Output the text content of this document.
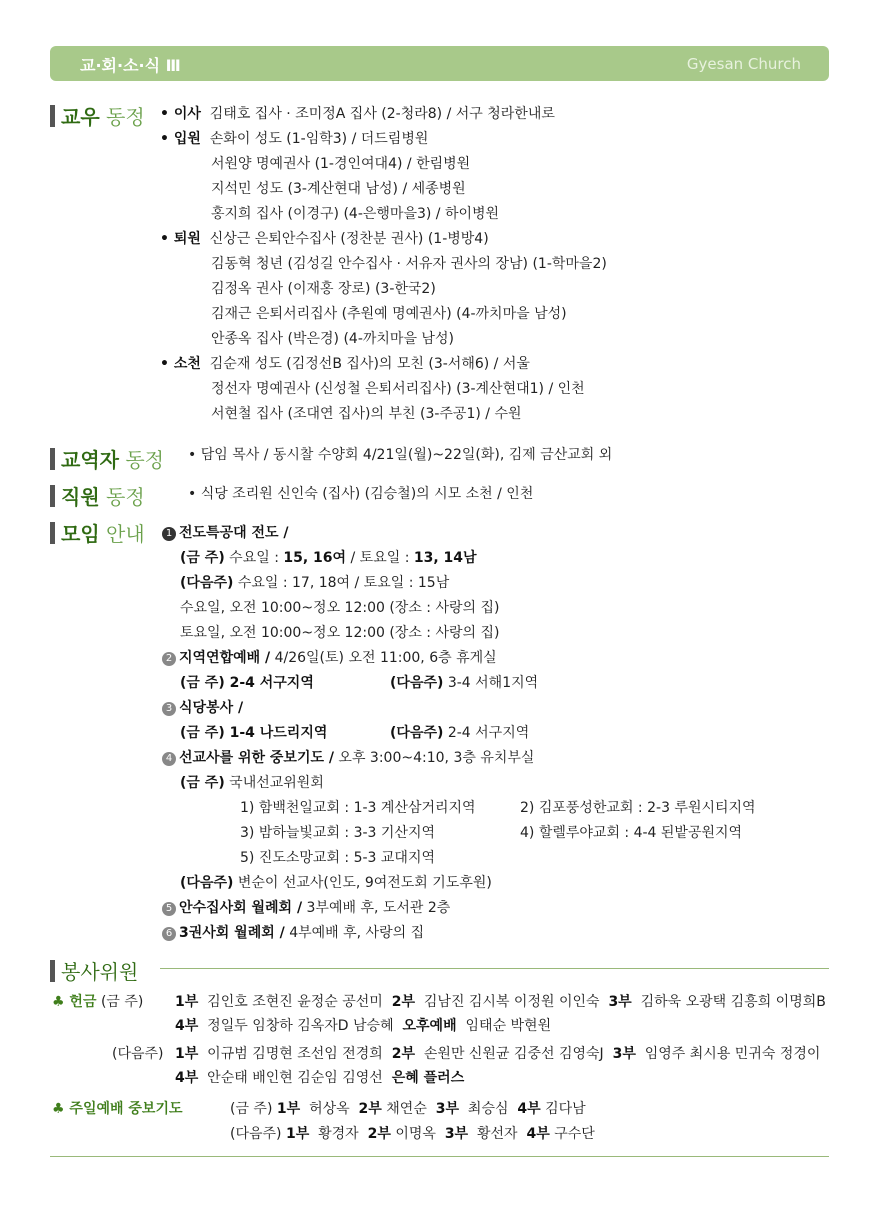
교·회·소·식 Ⅲ	Gyesan Church
교우 동정 • 이사 김태호 집사 · 조미정A 집사 (2-청라8) / 서구 청라한내로
• 입원 손화이 성도 (1-임학3) / 더드림병원
서원양 명예권사 (1-경인여대4) / 한림병원
지석민 성도 (3-계산현대 남성) / 세종병원
홍지희 집사 (이경구) (4-은행마을3) / 하이병원
• 퇴원 신상근 은퇴안수집사 (정찬분 권사) (1-병방4)
김동혁 청년 (김성길 안수집사 · 서유자 권사의 장남) (1-학마을2)
김정옥 권사 (이재홍 장로) (3-한국2)
김재근 은퇴서리집사 (추원예 명예권사) (4-까치마을 남성)
안종옥 집사 (박은경) (4-까치마을 남성)
• 소천 김순재 성도 (김정선B 집사)의 모친 (3-서해6) / 서울
정선자 명예권사 (신성철 은퇴서리집사) (3-계산현대1) / 인천
서현철 집사 (조대연 집사)의 부친 (3-주공1) / 수원
교역자 동정 • 담임 목사 / 동시찰 수양회 4/21일(월)~22일(화), 김제 금산교회 외
직원 동정	• 식당 조리원 신인숙 (집사) (김승철)의 시모 소천 / 인천
모임 안내	1 전도특공대 전도 /
(금 주) 수요일 : 15, 16여 / 토요일 : 13, 14남
(다음주) 수요일 : 17, 18여 / 토요일 : 15남
수요일, 오전 10:00~정오 12:00 (장소 : 사랑의 집)
토요일, 오전 10:00~정오 12:00 (장소 : 사랑의 집)
2 지역연합예배 / 4/26일(토) 오전 11:00, 6층 휴게실
(금 주) 2-4 서구지역	(다음주) 3-4 서해1지역
3 식당봉사 /
(금 주) 1-4 나드리지역	(다음주) 2-4 서구지역
4 선교사를 위한 중보기도 / 오후 3:00~4:10, 3층 유치부실
(금 주) 국내선교위원회
1) 함백천일교회 : 1-3 계산삼거리지역	2) 김포풍성한교회 : 2-3 루원시티지역
3) 밤하늘빛교회 : 3-3 기산지역	4) 할렐루야교회 : 4-4 된밭공원지역
5) 진도소망교회 : 5-3 교대지역
(다음주) 변순이 선교사(인도, 9여전도회 기도후원)
5 안수집사회 월례회 / 3부예배 후, 도서관 2층
6 3권사회 월례회 / 4부예배 후, 사랑의 집
봉사위원
♣ 헌금 (금 주) 1부 김인호 조현진 윤정순 공선미 2부 김남진 김시복 이정원 이인숙 3부 김하욱 오광택 김흥희 이명희B
4부 정일두 임창하 김옥자D 남승혜 오후예배 임태순 박현원
(다음주) 1부 이규범 김명현 조선임 전경희 2부 손원만 신원균 김중선 김영숙J 3부 임영주 최시용 민귀숙 정경이
4부 안순태 배인현 김순임 김영선 은혜 플러스
♣ 주일예배 중보기도	(금 주) 1부 허상옥 2부 채연순 3부 최승심 4부 김다남
(다음주) 1부 황경자 2부 이명옥 3부 황선자 4부 구수단
